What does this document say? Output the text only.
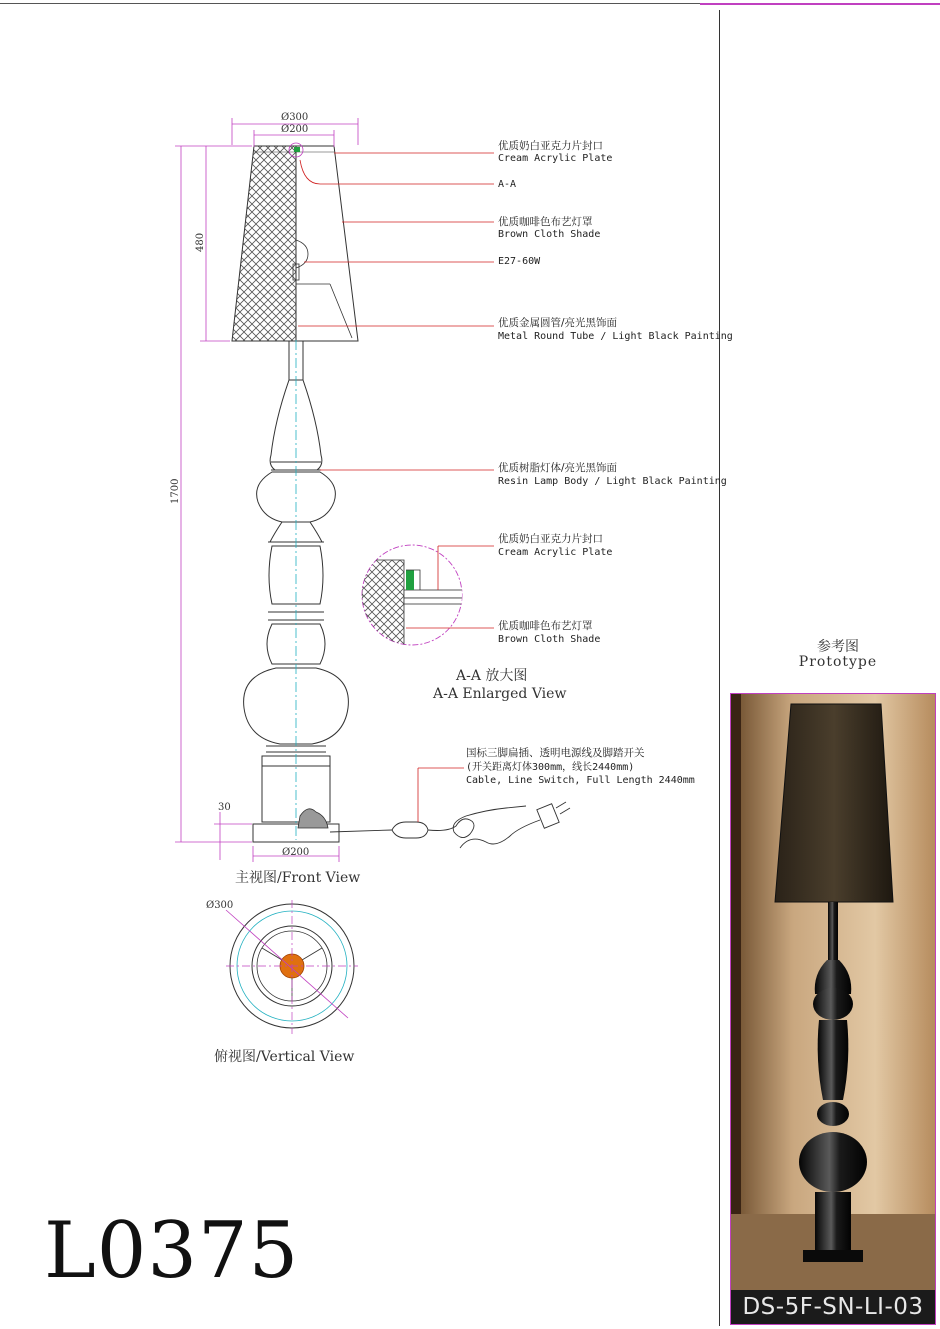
Ø300
Ø200
480
1700
30
Ø200
优质奶白亚克力片封口
Cream Acrylic Plate
A-A
优质咖啡色布艺灯罩
Brown Cloth Shade
E27-60W
优质金属圆管/亮光黑饰面
Metal Round Tube / Light Black Painting
优质树脂灯体/亮光黑饰面
Resin Lamp Body / Light Black Painting
国标三脚扁插、透明电源线及脚踏开关
(开关距离灯体300mm，线长2440mm)
Cable, Line Switch, Full Length 2440mm
主视图/Front View
优质奶白亚克力片封口
Cream Acrylic Plate
优质咖啡色布艺灯罩
Brown Cloth Shade
A-A 放大图
A-A Enlarged View
Ø300
俯视图/Vertical View
L0375
参考图
Prototype
DS-5F-SN-LI-03
